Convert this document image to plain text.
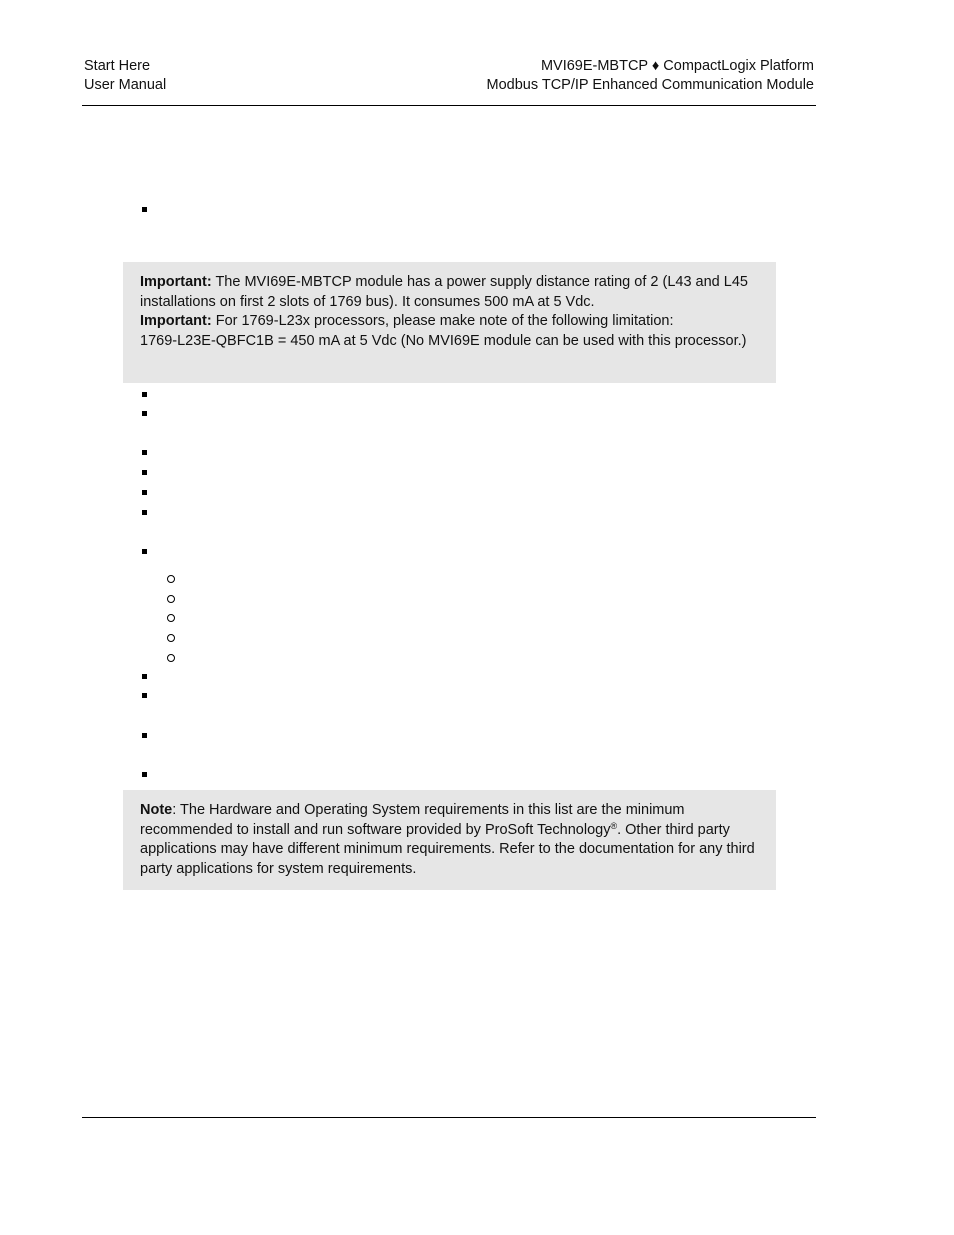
Start Here
User Manual
MVI69E-MBTCP ♦ CompactLogix Platform
Modbus TCP/IP Enhanced Communication Module

Important: The MVI69E-MBTCP module has a power supply distance rating of 2 (L43 and L45

installations on first 2 slots of 1769 bus). It consumes 500 mA at 5 Vdc.

Important: For 1769-L23x processors, please make note of the following limitation:

1769-L23E-QBFC1B = 450 mA at 5 Vdc (No MVI69E module can be used with this processor.)

Note: The Hardware and Operating System requirements in this list are the minimum

recommended to install and run software provided by ProSoft Technology®. Other third party

applications may have different minimum requirements. Refer to the documentation for any third

party applications for system requirements.
